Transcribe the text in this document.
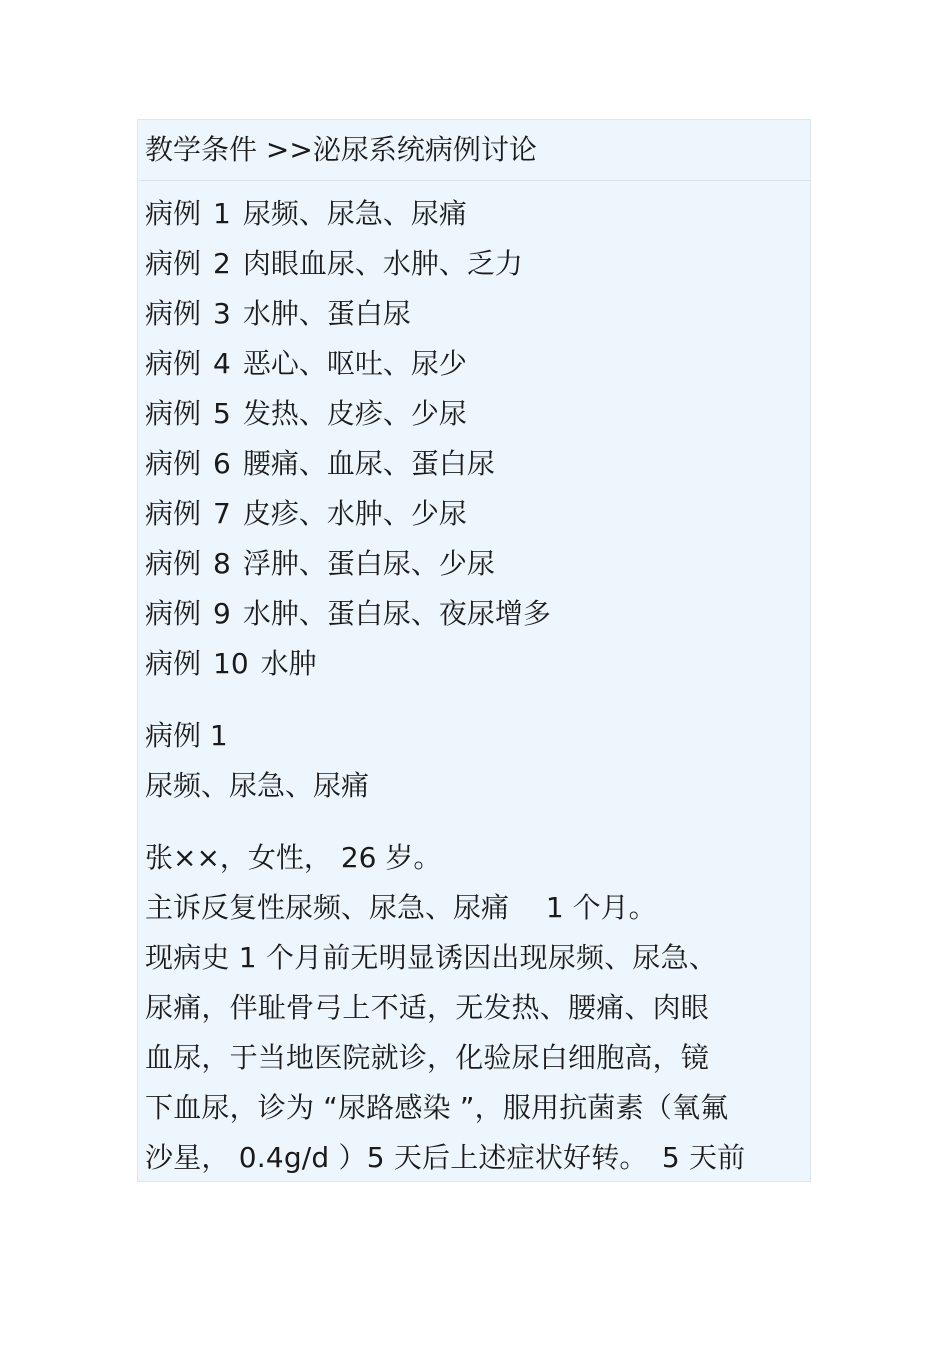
教学条件 >>泌尿系统病例讨论
病例 1 尿频、尿急、尿痛
病例 2 肉眼血尿、水肿、乏力
病例 3 水肿、蛋白尿
病例 4 恶心、呕吐、尿少
病例 5 发热、皮疹、少尿
病例 6 腰痛、血尿、蛋白尿
病例 7 皮疹、水肿、少尿
病例 8 浮肿、蛋白尿、少尿
病例 9 水肿、蛋白尿、夜尿增多
病例 10 水肿
病例 1
尿频、尿急、尿痛
张××，女性， 26 岁。
主诉反复性尿频、尿急、尿痛　 1 个月。
现病史 1 个月前无明显诱因出现尿频、尿急、
尿痛，伴耻骨弓上不适，无发热、腰痛、肉眼
血尿，于当地医院就诊，化验尿白细胞高，镜
下血尿，诊为 “尿路感染 ”，服用抗菌素（氧氟
沙星， 0.4g/d ）5 天后上述症状好转。　5 天前
